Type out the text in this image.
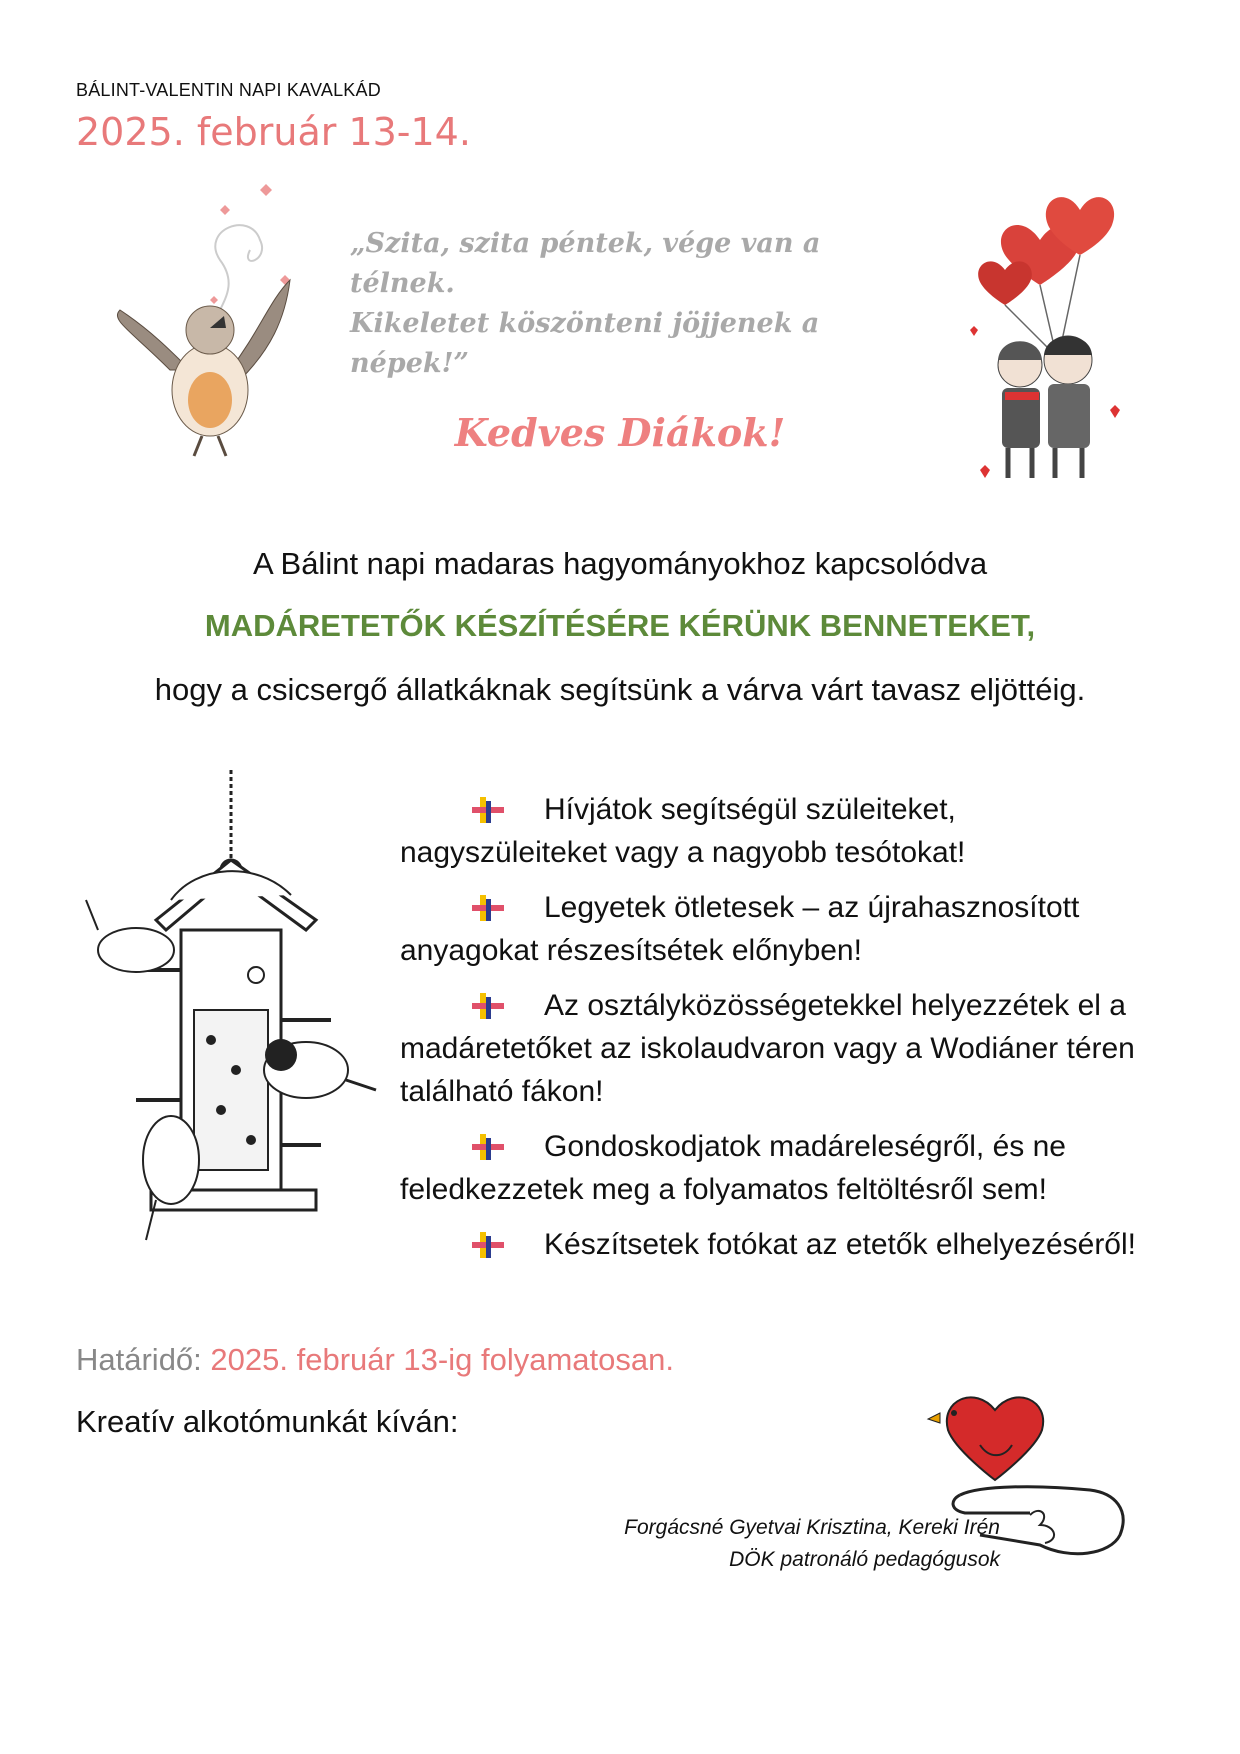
BÁLINT-VALENTIN NAPI KAVALKÁD
2025. február 13-14.
„Szita, szita péntek, vége van a télnek.
Kikeletet köszönteni jöjjenek a népek!”
Kedves Diákok!
A Bálint napi madaras hagyományokhoz kapcsolódva
MADÁRETETŐK KÉSZÍTÉSÉRE KÉRÜNK BENNETEKET,
hogy a csicsergő állatkáknak segítsünk a várva várt tavasz eljöttéig.
Hívjátok segítségül szüleiteket,
nagyszüleiteket vagy a nagyobb tesótokat!
Legyetek ötletesek – az újrahasznosított
anyagokat részesítsétek előnyben!
Az osztályközösségetekkel helyezzétek el a
madáretetőket az iskolaudvaron vagy a Wodiáner téren található fákon!
Gondoskodjatok madáreleségről, és ne
feledkezzetek meg a folyamatos feltöltésről sem!
Készítsetek fotókat az etetők elhelyezéséről!
Határidő: 2025. február 13-ig folyamatosan.
Kreatív alkotómunkát kíván:
Forgácsné Gyetvai Krisztina, Kereki Irén
DÖK patronáló pedagógusok
